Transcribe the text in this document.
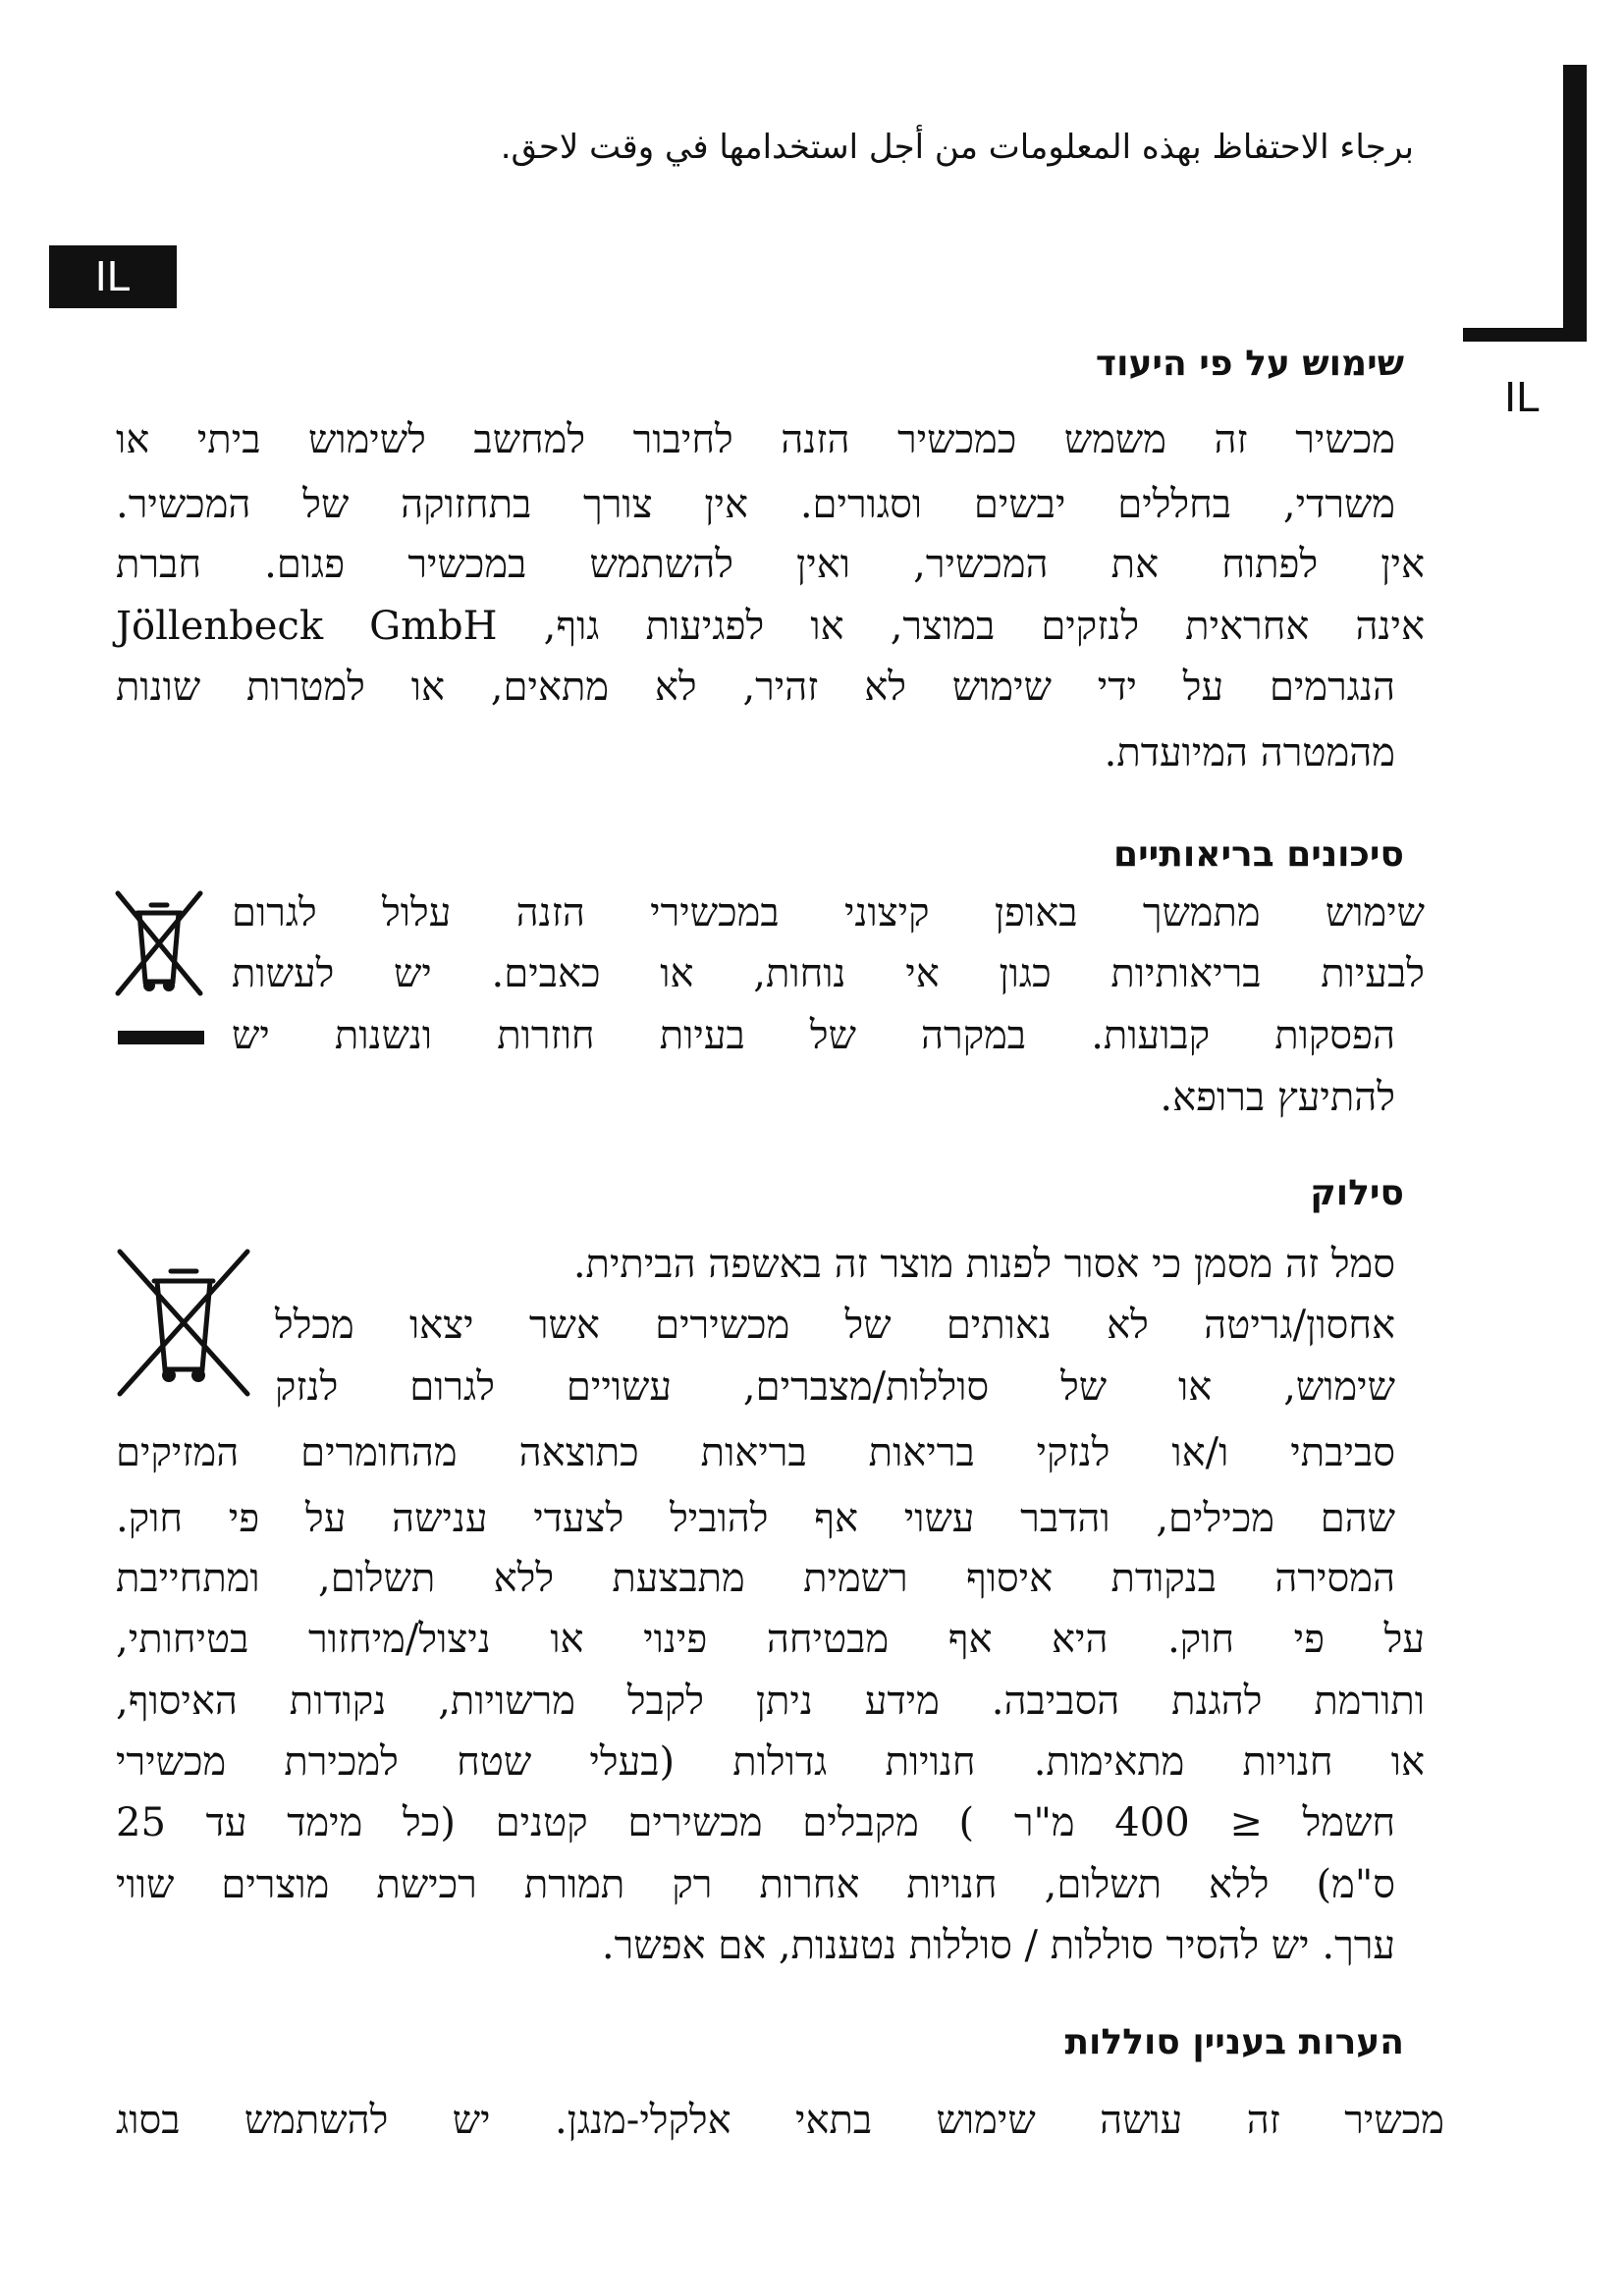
برجاء الاحتفاظ بهذه المعلومات من أجل استخدامها في وقت لاحق.
IL
IL
שימוש על פי היעוד
מכשיר זה משמש כמכשיר הזנה לחיבור למחשב לשימוש ביתי או
משרדי, בחללים יבשים וסגורים. אין צורך בתחזוקה של המכשיר.
אין לפתוח את המכשיר, ואין להשתמש במכשיר פגום. חברת
אינה אחראית לנזקים במוצר, או לפגיעות גוף, Jöllenbeck GmbH
הנגרמים על ידי שימוש לא זהיר, לא מתאים, או למטרות שונות
מהמטרה המיועדת.
סיכונים בריאותיים
שימוש מתמשך באופן קיצוני במכשירי הזנה עלול לגרום
לבעיות בריאותיות כגון אי נוחות, או כאבים. יש לעשות
הפסקות קבועות. במקרה של בעיות חוזרות ונשנות יש
להתיעץ ברופא.
סילוק
סמל זה מסמן כי אסור לפנות מוצר זה באשפה הביתית.
אחסון/גריטה לא נאותים של מכשירים אשר יצאו מכלל
שימוש, או של סוללות/מצברים, עשויים לגרום לנזק
סביבתי ו/או לנזקי בריאות בריאות כתוצאה מהחומרים המזיקים
שהם מכילים, והדבר עשוי אף להוביל לצעדי ענישה על פי חוק.
המסירה בנקודת איסוף רשמית מתבצעת ללא תשלום, ומתחייבת
על פי חוק. היא אף מבטיחה פינוי או ניצול/מיחזור בטיחותי,
ותורמת להגנת הסביבה. מידע ניתן לקבל מרשויות, נקודות האיסוף,
או חנויות מתאימות. חנויות גדולות (בעלי שטח למכירת מכשירי
חשמל ≤ 400 מ"ר ) מקבלים מכשירים קטנים (כל מימד עד 25
ס"מ) ללא תשלום, חנויות אחרות רק תמורת רכישת מוצרים שווי
ערך. יש להסיר סוללות / סוללות נטענות, אם אפשר.
הערות בעניין סוללות
מכשיר זה עושה שימוש בתאי אלקלי-מנגן. יש להשתמש בסוג
